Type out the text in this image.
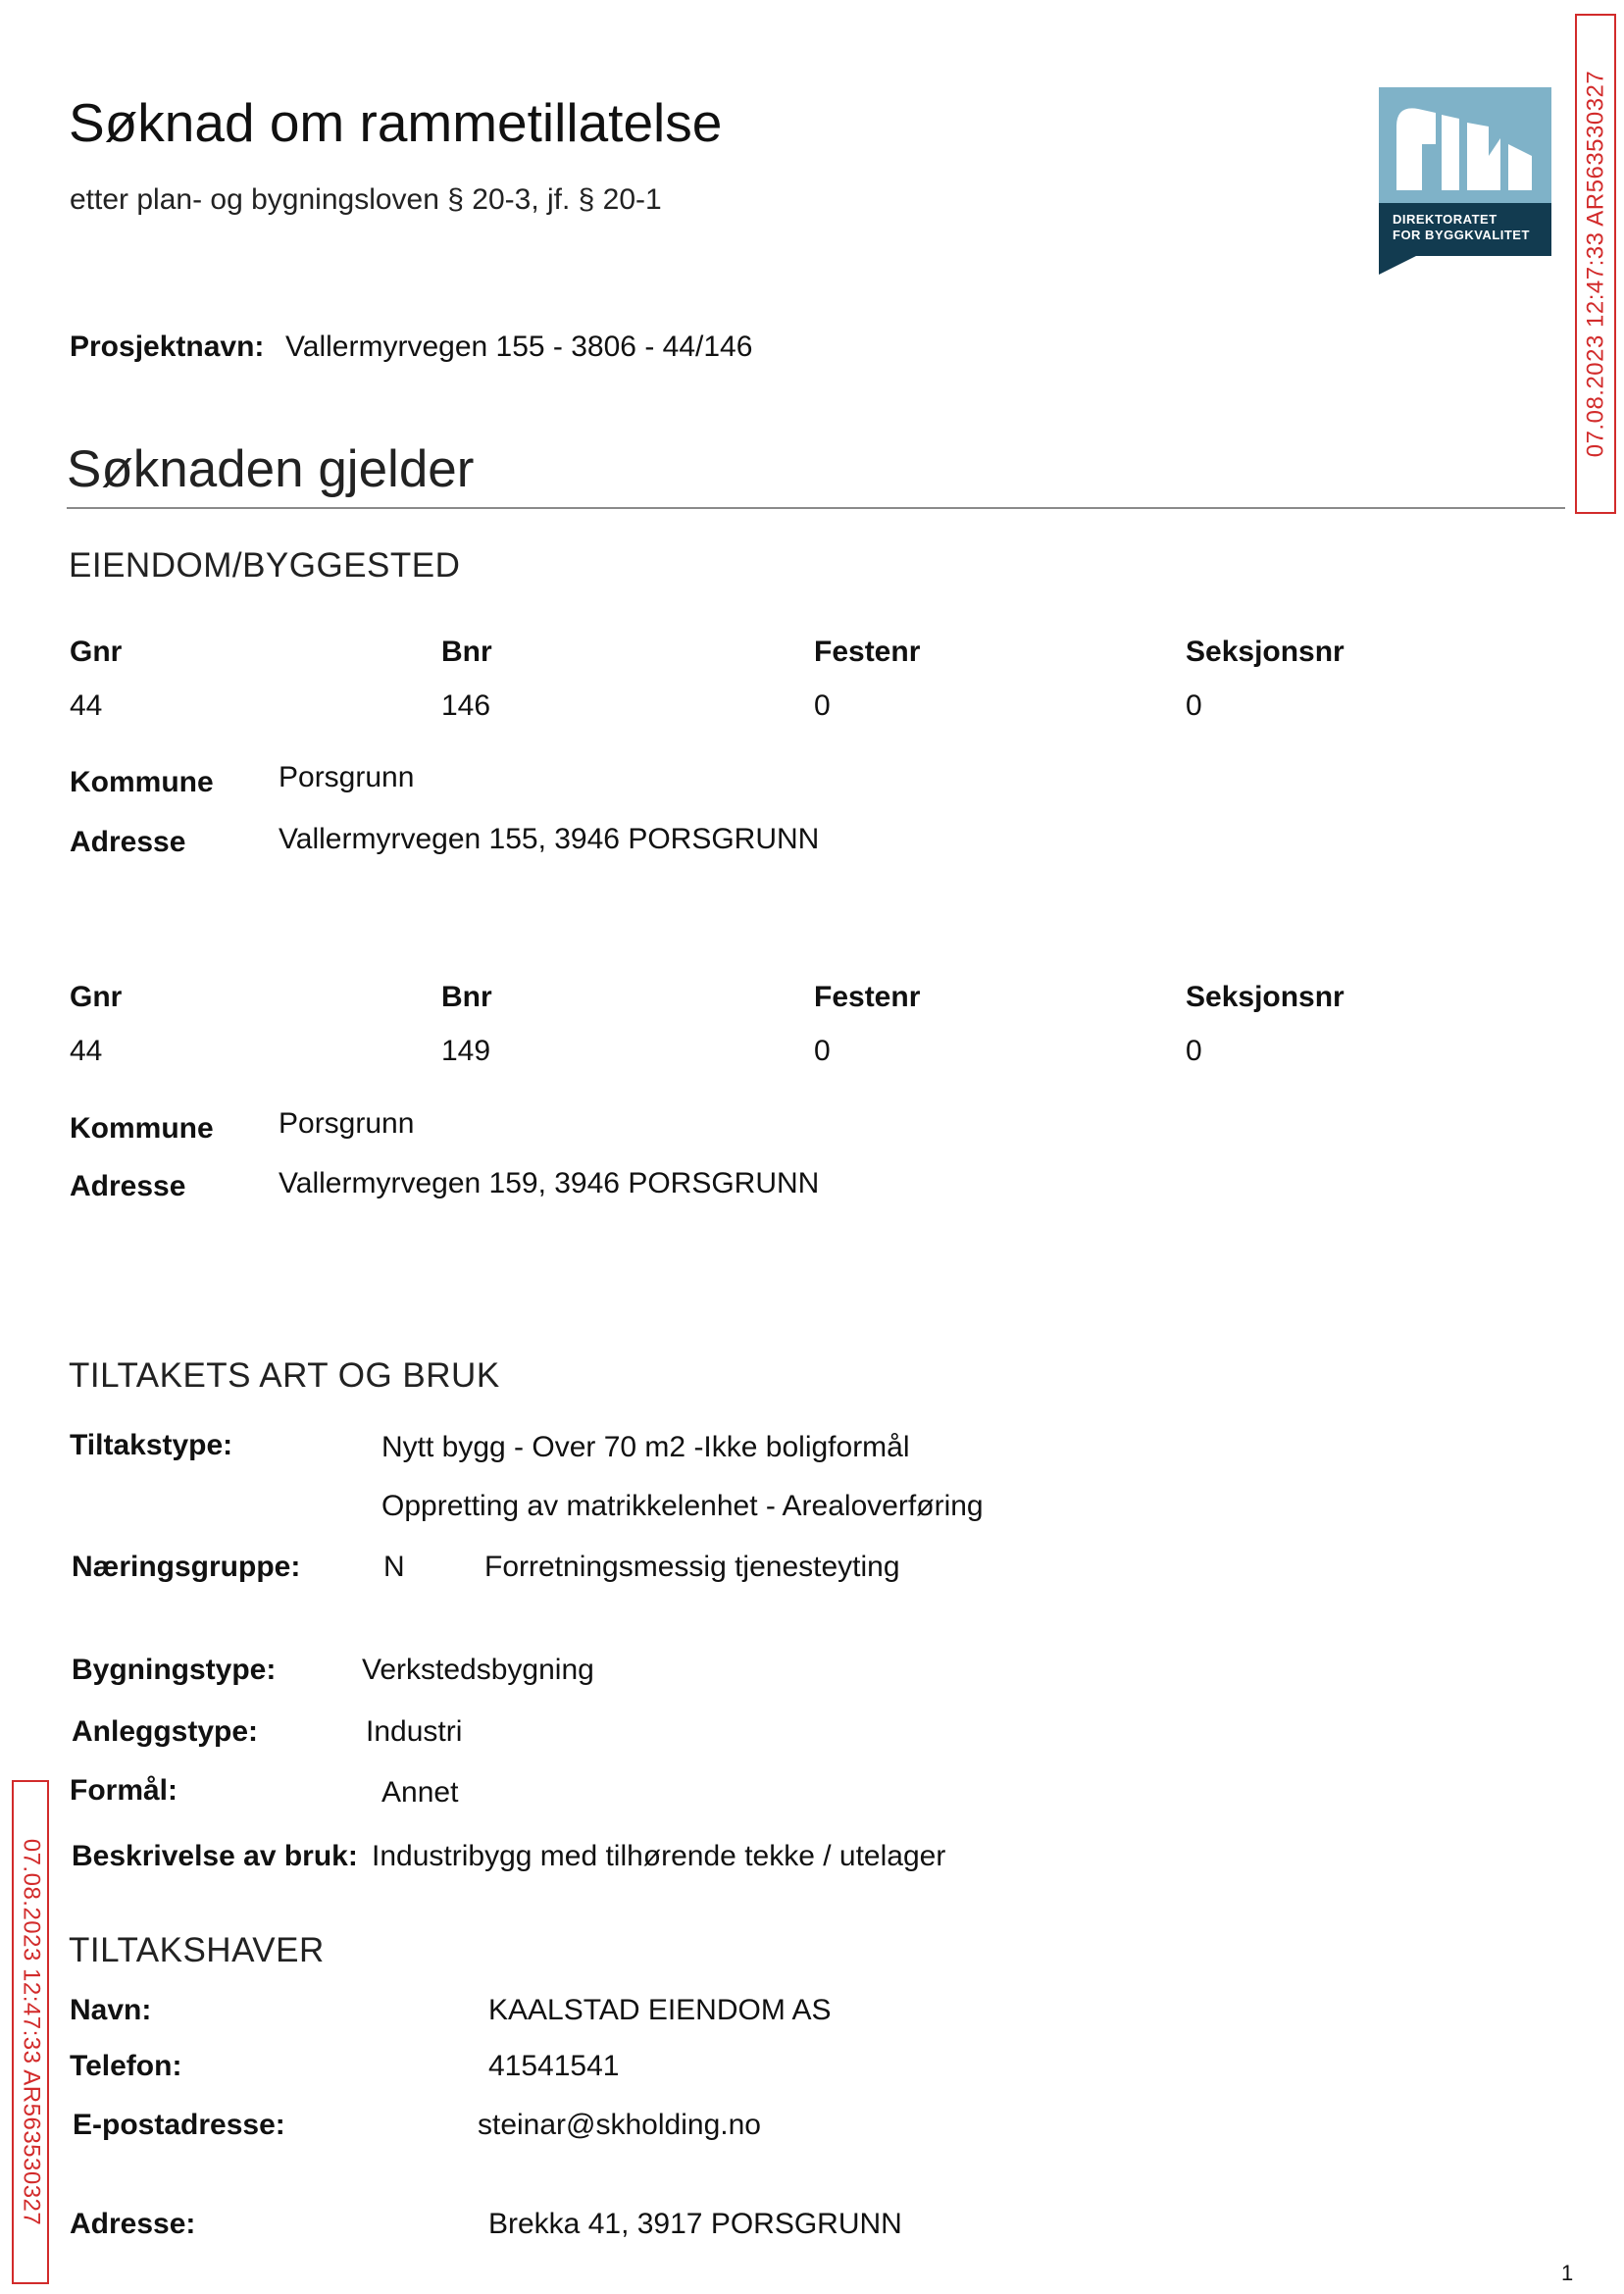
Søknad om rammetillatelse
etter plan- og bygningsloven § 20-3, jf. § 20-1
DIREKTORATET
FOR BYGGKVALITET 07.08.2023 12:47:33 AR563530327
07.08.2023 12:47:33 AR563530327
Prosjektnavn: Vallermyrvegen 155 - 3806 - 44/146
Søknaden gjelder
EIENDOM/BYGGESTED
Gnr	Bnr	Festenr	Seksjonsnr
44	146	0	0
Kommune Porsgrunn
Adresse	Vallermyrvegen 155, 3946 PORSGRUNN
Gnr	Bnr	Festenr	Seksjonsnr
44	149	0	0
Kommune Porsgrunn
Adresse	Vallermyrvegen 159, 3946 PORSGRUNN
TILTAKETS ART OG BRUK
Tiltakstype:	Nytt bygg - Over 70 m2 -Ikke boligformål
Oppretting av matrikkelenhet - Arealoverføring
Næringsgruppe:	N	Forretningsmessig tjenesteyting
Bygningstype:	Verkstedsbygning
Anleggstype:	Industri
Formål:	Annet
Beskrivelse av bruk: Industribygg med tilhørende tekke / utelager
TILTAKSHAVER
Navn:	KAALSTAD EIENDOM AS
Telefon:	41541541
E-postadresse:	steinar@skholding.no
Adresse:	Brekka 41, 3917 PORSGRUNN
1
